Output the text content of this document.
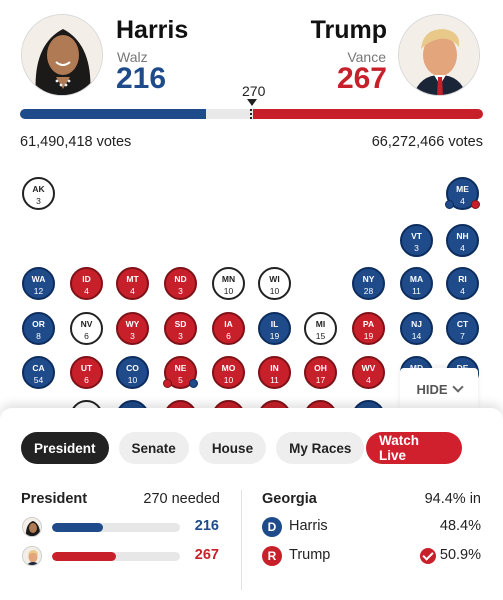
Harris
Walz
216
Trump
Vance
267
270
61,490,418 votes	66,272,466 votes
AK
3
ME
4
VT
3
NH
4
WA
12
ID
4
MT
4
ND
3
MN
10
WI
10
NY
28
MA
11
RI
4
OR
8
NV
6
WY
3
SD
3
IA
6
IL
19
MI
15
PA
19
NJ
14
CT
7
CA
54
UT
6
CO
10
NE
5
MO
10
IN
11
OH
17
WV
4
HIDE
President	Senate	House	My Races	Watch Live
President	270 needed
216
267
Georgia	94.4% in
D Harris	48.4%
R Trump	50.9%
